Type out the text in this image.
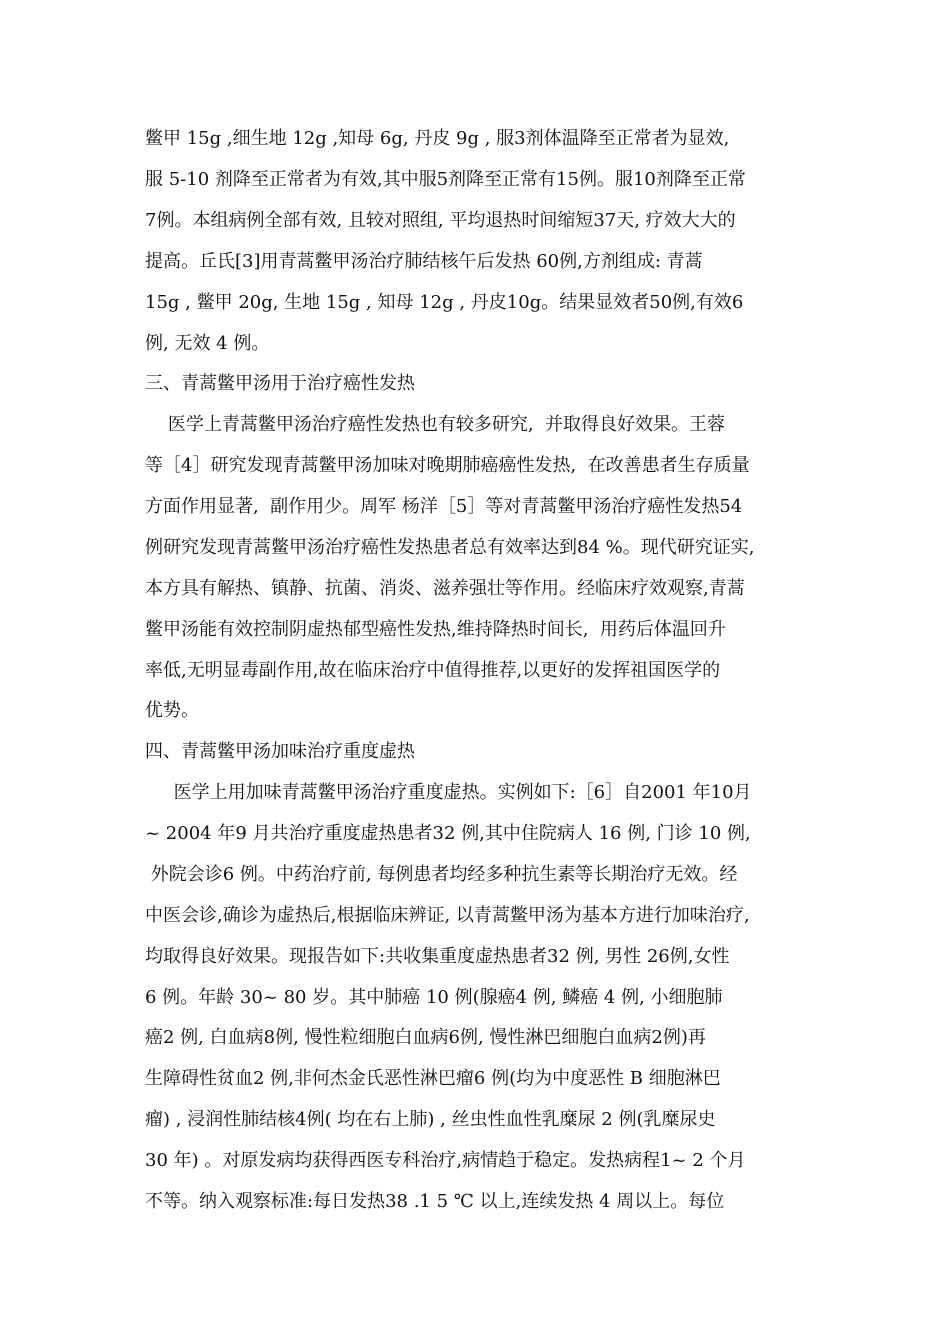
鳖甲 15g ,细生地 12g ,知母 6g, 丹皮 9g , 服3剂体温降至正常者为显效,
服 5-10 剂降至正常者为有效,其中服5剂降至正常有15例。服10剂降至正常
7例。本组病例全部有效, 且较对照组, 平均退热时间缩短37天, 疗效大大的
提高。丘氏[3]用青蒿鳖甲汤治疗肺结核午后发热 60例,方剂组成: 青蒿
15g , 鳖甲 20g, 生地 15g , 知母 12g , 丹皮10g。结果显效者50例,有效6
例, 无效 4 例。
三、青蒿鳖甲汤用于治疗癌性发热
医学上青蒿鳖甲汤治疗癌性发热也有较多研究,  并取得良好效果。王蓉
等［4］研究发现青蒿鳖甲汤加味对晚期肺癌癌性发热,  在改善患者生存质量
方面作用显著,  副作用少。周军 杨洋［5］等对青蒿鳖甲汤治疗癌性发热54
例研究发现青蒿鳖甲汤治疗癌性发热患者总有效率达到84 %。现代研究证实,
本方具有解热、镇静、抗菌、消炎、滋养强壮等作用。经临床疗效观察,青蒿
鳖甲汤能有效控制阴虚热郁型癌性发热,维持降热时间长,  用药后体温回升
率低,无明显毒副作用,故在临床治疗中值得推荐,以更好的发挥祖国医学的
优势。
四、青蒿鳖甲汤加味治疗重度虚热
医学上用加味青蒿鳖甲汤治疗重度虚热。实例如下:［6］自2001 年10月
~ 2004 年9 月共治疗重度虚热患者32 例,其中住院病人 16 例, 门诊 10 例,
外院会诊6 例。中药治疗前, 每例患者均经多种抗生素等长期治疗无效。经
中医会诊,确诊为虚热后,根据临床辨证, 以青蒿鳖甲汤为基本方进行加味治疗,
均取得良好效果。现报告如下:共收集重度虚热患者32 例, 男性 26例,女性
6 例。年龄 30~ 80 岁。其中肺癌 10 例(腺癌4 例, 鳞癌 4 例, 小细胞肺
癌2 例, 白血病8例, 慢性粒细胞白血病6例, 慢性淋巴细胞白血病2例)再
生障碍性贫血2 例,非何杰金氏恶性淋巴瘤6 例(均为中度恶性 B 细胞淋巴
瘤) , 浸润性肺结核4例( 均在右上肺) , 丝虫性血性乳糜尿 2 例(乳糜尿史
30 年) 。对原发病均获得西医专科治疗,病情趋于稳定。发热病程1~ 2 个月
不等。纳入观察标准:每日发热38 .1 5 ℃ 以上,连续发热 4 周以上。每位
